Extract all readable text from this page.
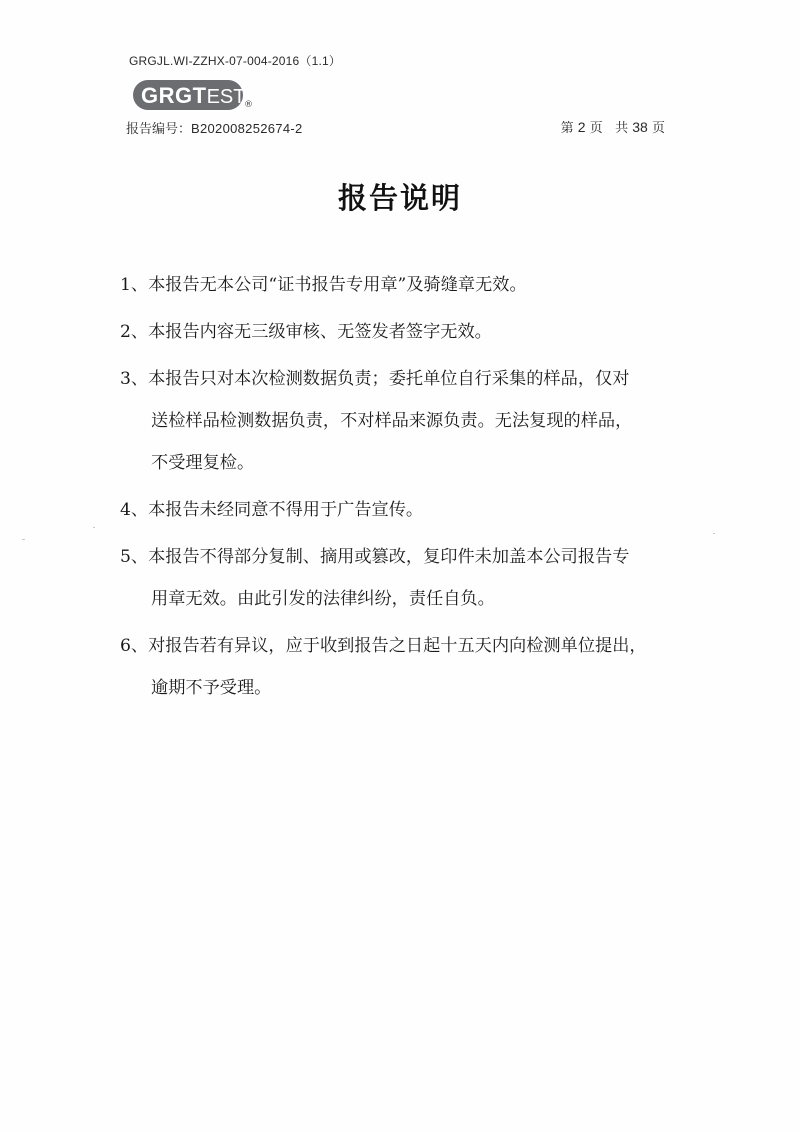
GRGJL.WI-ZZHX-07-004-2016（1.1）
GRGTEST
®
报告编号：B202008252674-2	第 2 页 共 38 页
报告说明
1、本报告无本公司“证书报告专用章”及骑缝章无效。
2、本报告内容无三级审核、无签发者签字无效。
3、本报告只对本次检测数据负责；委托单位自行采集的样品，仅对
送检样品检测数据负责，不对样品来源负责。无法复现的样品，
不受理复检。
4、本报告未经同意不得用于广告宣传。
5、本报告不得部分复制、摘用或篡改，复印件未加盖本公司报告专
用章无效。由此引发的法律纠纷，责任自负。
6、对报告若有异议，应于收到报告之日起十五天内向检测单位提出，
逾期不予受理。
